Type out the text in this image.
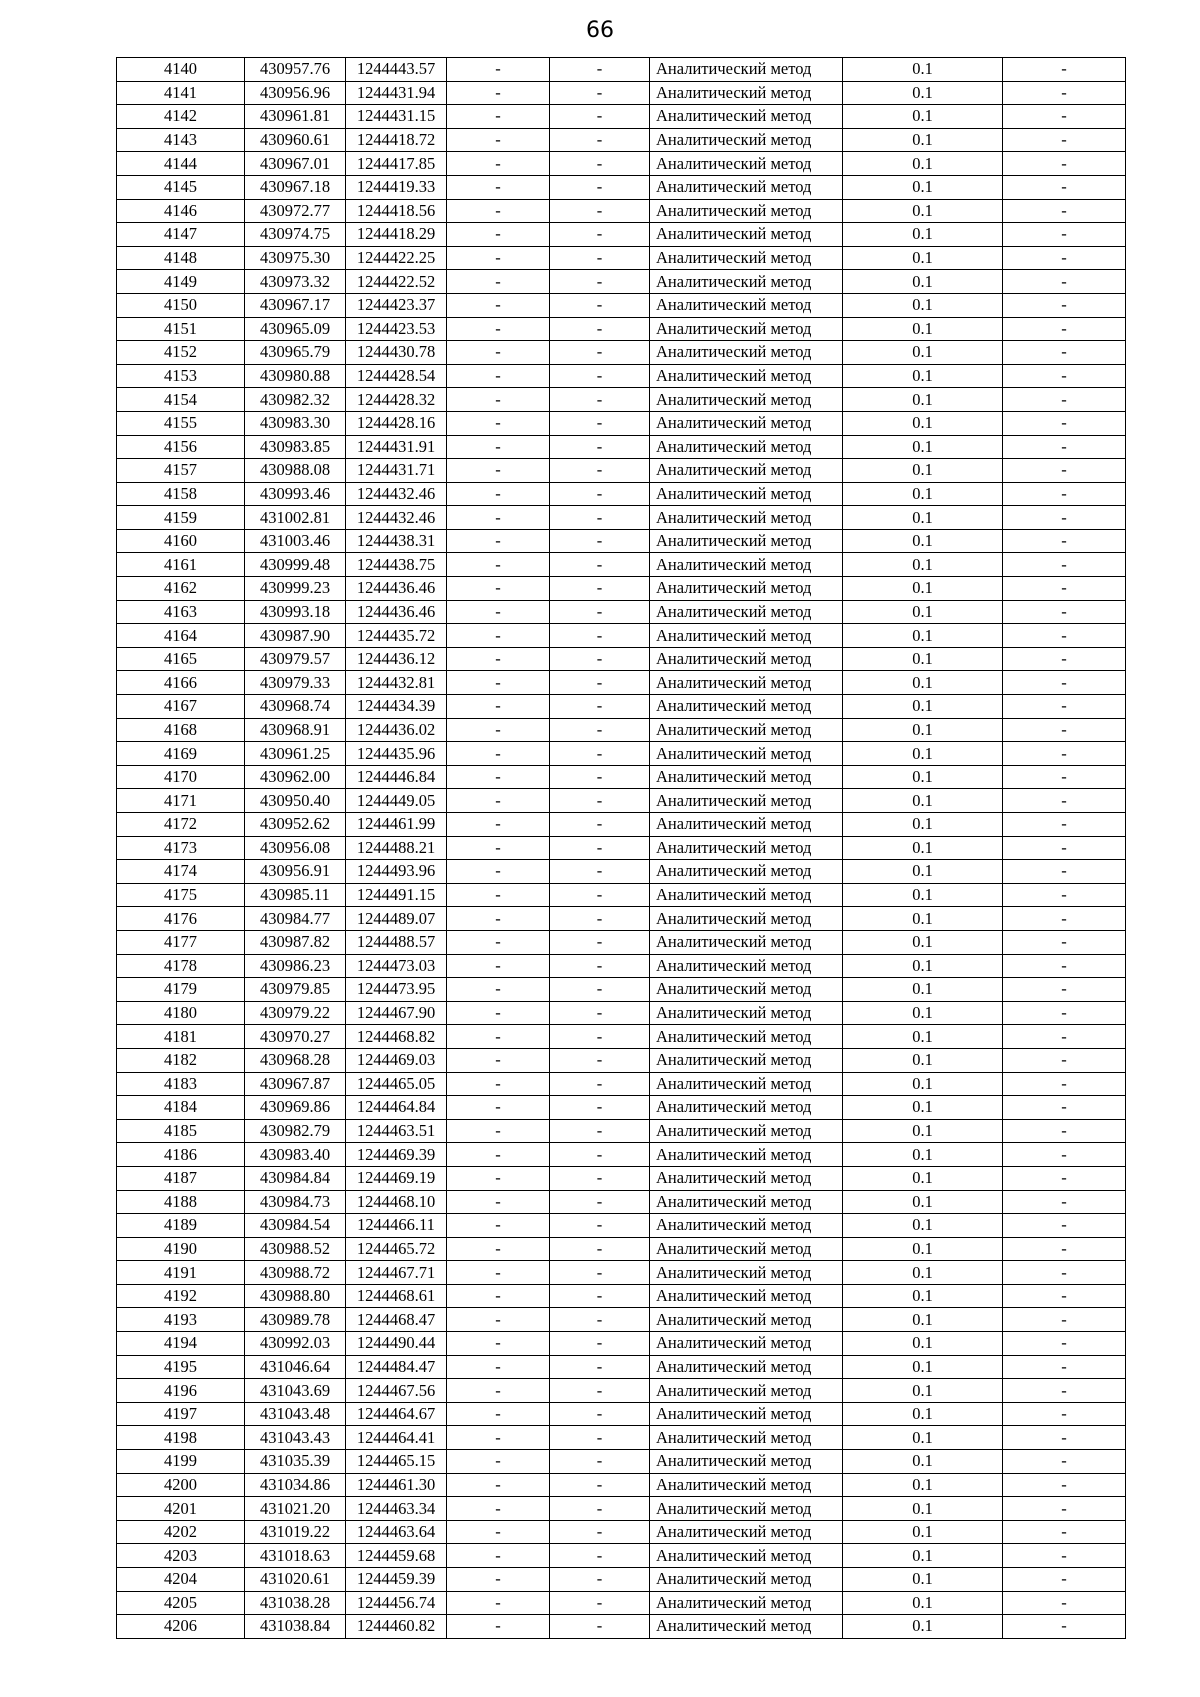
66
4140	430957.76	1244443.57	-	-	Аналитический метод	0.1	-
4141	430956.96	1244431.94	-	-	Аналитический метод	0.1	-
4142	430961.81	1244431.15	-	-	Аналитический метод	0.1	-
4143	430960.61	1244418.72	-	-	Аналитический метод	0.1	-
4144	430967.01	1244417.85	-	-	Аналитический метод	0.1	-
4145	430967.18	1244419.33	-	-	Аналитический метод	0.1	-
4146	430972.77	1244418.56	-	-	Аналитический метод	0.1	-
4147	430974.75	1244418.29	-	-	Аналитический метод	0.1	-
4148	430975.30	1244422.25	-	-	Аналитический метод	0.1	-
4149	430973.32	1244422.52	-	-	Аналитический метод	0.1	-
4150	430967.17	1244423.37	-	-	Аналитический метод	0.1	-
4151	430965.09	1244423.53	-	-	Аналитический метод	0.1	-
4152	430965.79	1244430.78	-	-	Аналитический метод	0.1	-
4153	430980.88	1244428.54	-	-	Аналитический метод	0.1	-
4154	430982.32	1244428.32	-	-	Аналитический метод	0.1	-
4155	430983.30	1244428.16	-	-	Аналитический метод	0.1	-
4156	430983.85	1244431.91	-	-	Аналитический метод	0.1	-
4157	430988.08	1244431.71	-	-	Аналитический метод	0.1	-
4158	430993.46	1244432.46	-	-	Аналитический метод	0.1	-
4159	431002.81	1244432.46	-	-	Аналитический метод	0.1	-
4160	431003.46	1244438.31	-	-	Аналитический метод	0.1	-
4161	430999.48	1244438.75	-	-	Аналитический метод	0.1	-
4162	430999.23	1244436.46	-	-	Аналитический метод	0.1	-
4163	430993.18	1244436.46	-	-	Аналитический метод	0.1	-
4164	430987.90	1244435.72	-	-	Аналитический метод	0.1	-
4165	430979.57	1244436.12	-	-	Аналитический метод	0.1	-
4166	430979.33	1244432.81	-	-	Аналитический метод	0.1	-
4167	430968.74	1244434.39	-	-	Аналитический метод	0.1	-
4168	430968.91	1244436.02	-	-	Аналитический метод	0.1	-
4169	430961.25	1244435.96	-	-	Аналитический метод	0.1	-
4170	430962.00	1244446.84	-	-	Аналитический метод	0.1	-
4171	430950.40	1244449.05	-	-	Аналитический метод	0.1	-
4172	430952.62	1244461.99	-	-	Аналитический метод	0.1	-
4173	430956.08	1244488.21	-	-	Аналитический метод	0.1	-
4174	430956.91	1244493.96	-	-	Аналитический метод	0.1	-
4175	430985.11	1244491.15	-	-	Аналитический метод	0.1	-
4176	430984.77	1244489.07	-	-	Аналитический метод	0.1	-
4177	430987.82	1244488.57	-	-	Аналитический метод	0.1	-
4178	430986.23	1244473.03	-	-	Аналитический метод	0.1	-
4179	430979.85	1244473.95	-	-	Аналитический метод	0.1	-
4180	430979.22	1244467.90	-	-	Аналитический метод	0.1	-
4181	430970.27	1244468.82	-	-	Аналитический метод	0.1	-
4182	430968.28	1244469.03	-	-	Аналитический метод	0.1	-
4183	430967.87	1244465.05	-	-	Аналитический метод	0.1	-
4184	430969.86	1244464.84	-	-	Аналитический метод	0.1	-
4185	430982.79	1244463.51	-	-	Аналитический метод	0.1	-
4186	430983.40	1244469.39	-	-	Аналитический метод	0.1	-
4187	430984.84	1244469.19	-	-	Аналитический метод	0.1	-
4188	430984.73	1244468.10	-	-	Аналитический метод	0.1	-
4189	430984.54	1244466.11	-	-	Аналитический метод	0.1	-
4190	430988.52	1244465.72	-	-	Аналитический метод	0.1	-
4191	430988.72	1244467.71	-	-	Аналитический метод	0.1	-
4192	430988.80	1244468.61	-	-	Аналитический метод	0.1	-
4193	430989.78	1244468.47	-	-	Аналитический метод	0.1	-
4194	430992.03	1244490.44	-	-	Аналитический метод	0.1	-
4195	431046.64	1244484.47	-	-	Аналитический метод	0.1	-
4196	431043.69	1244467.56	-	-	Аналитический метод	0.1	-
4197	431043.48	1244464.67	-	-	Аналитический метод	0.1	-
4198	431043.43	1244464.41	-	-	Аналитический метод	0.1	-
4199	431035.39	1244465.15	-	-	Аналитический метод	0.1	-
4200	431034.86	1244461.30	-	-	Аналитический метод	0.1	-
4201	431021.20	1244463.34	-	-	Аналитический метод	0.1	-
4202	431019.22	1244463.64	-	-	Аналитический метод	0.1	-
4203	431018.63	1244459.68	-	-	Аналитический метод	0.1	-
4204	431020.61	1244459.39	-	-	Аналитический метод	0.1	-
4205	431038.28	1244456.74	-	-	Аналитический метод	0.1	-
4206	431038.84	1244460.82	-	-	Аналитический метод	0.1	-
